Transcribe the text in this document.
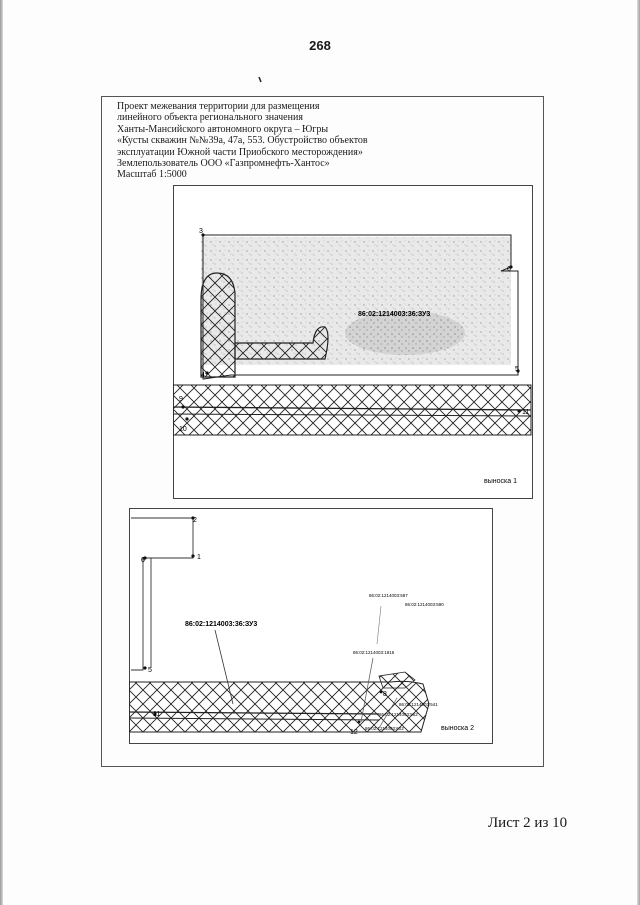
268
Проект межевания территории для размещения
линейного объекта регионального значения
Ханты-Мансийского автономного округа – Югры
«Кусты скважин №№39а, 47а, 553. Обустройство объектов
эксплуатации Южной части Приобского месторождения»
Землепользователь ООО «Газпромнефть-Хантос»
Масштаб 1:5000
3
4
5
6
9
10
11
86:02:1214003:36:ЗУ3
выноска 1
1
2
5
6
8
11
12
86:02:1214003:36:ЗУ3
86:02:1214003:587
86:02:1214003:590
86:02:1214003:1916
86:02:1214003:541
86:02:1214003:562
86:02:1214003:602	выноска 2
Лист 2 из 10
